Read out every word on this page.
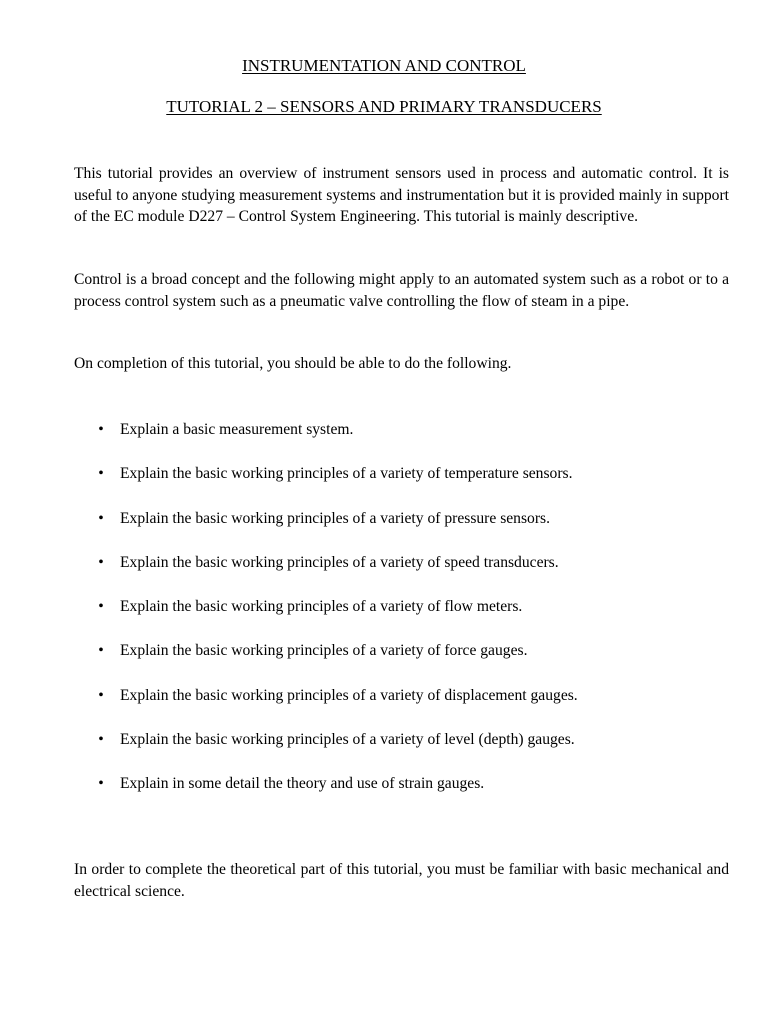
INSTRUMENTATION AND CONTROL
TUTORIAL 2 – SENSORS AND PRIMARY TRANSDUCERS

This tutorial provides an overview of instrument sensors used in process and automatic control. It is useful to anyone studying measurement systems and instrumentation but it is provided mainly in support of the EC module D227 – Control System Engineering. This tutorial is mainly descriptive.

Control is a broad concept and the following might apply to an automated system such as a robot or to a process control system such as a pneumatic valve controlling the flow of steam in a pipe.

On completion of this tutorial, you should be able to do the following.

• Explain a basic measurement system.
• Explain the basic working principles of a variety of temperature sensors.
• Explain the basic working principles of a variety of pressure sensors.
• Explain the basic working principles of a variety of speed transducers.
• Explain the basic working principles of a variety of flow meters.
• Explain the basic working principles of a variety of force gauges.
• Explain the basic working principles of a variety of displacement gauges.
• Explain the basic working principles of a variety of level (depth) gauges.
• Explain in some detail the theory and use of strain gauges.

In order to complete the theoretical part of this tutorial, you must be familiar with basic mechanical and electrical science.
